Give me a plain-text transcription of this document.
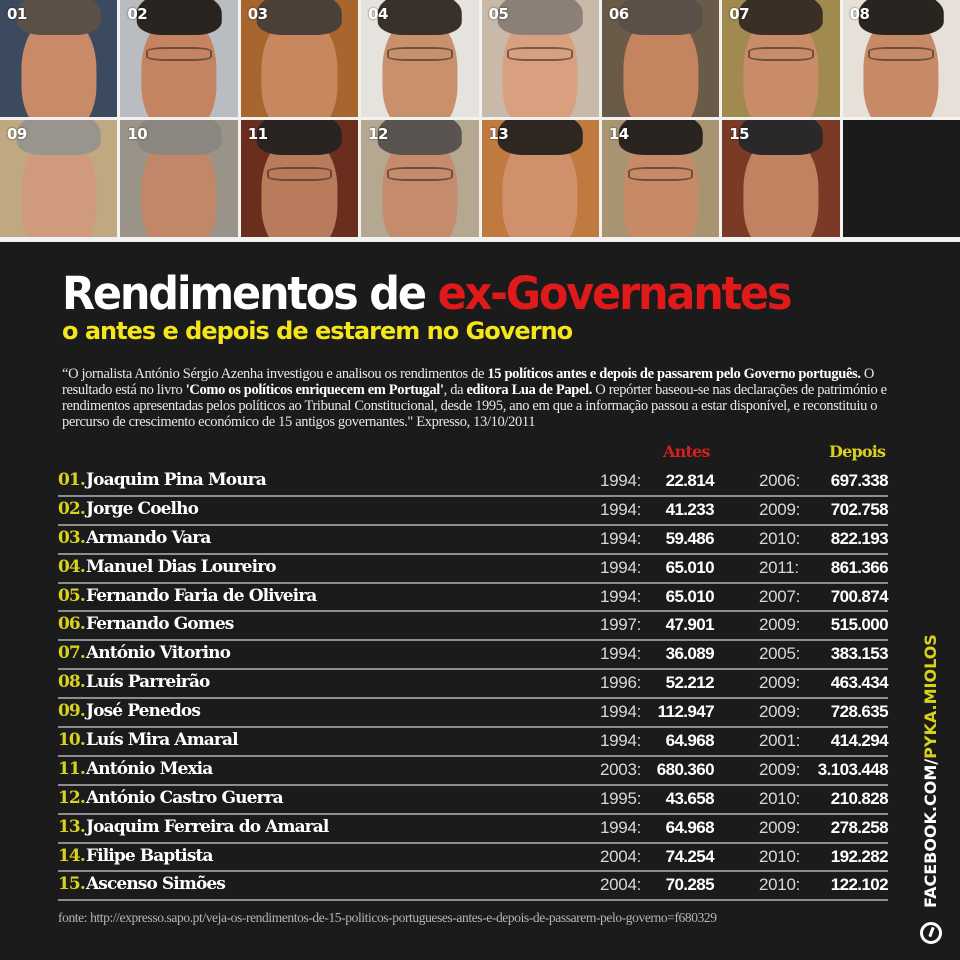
01	02	03	04	05	06	07	08
09	10	11	12	13	14	15
Rendimentos de ex-Governantes
o antes e depois de estarem no Governo
“O jornalista António Sérgio Azenha investigou e analisou os rendimentos de 15 políticos antes e depois de passarem pelo Governo português. O resultado está no livro 'Como os políticos enriquecem em Portugal', da editora Lua de Papel. O repórter baseou-se nas declarações de património e rendimentos apresentadas pelos políticos ao Tribunal Constitucional, desde 1995, ano em que a informação passou a estar disponível, e reconstituiu o percurso de crescimento económico de 15 antigos governantes." Expresso, 13/10/2011
Antes	Depois
01. Joaquim Pina Moura	1994: 22.814	2006: 697.338
02. Jorge Coelho	1994: 41.233	2009: 702.758
03. Armando Vara	1994: 59.486	2010: 822.193
04. Manuel Dias Loureiro	1994: 65.010	2011: 861.366
05. Fernando Faria de Oliveira	1994: 65.010	2007: 700.874
06. Fernando Gomes	1997: 47.901	2009: 515.000
07. António Vitorino	1994: 36.089	2005: 383.153
08. Luís Parreirão	1996: 52.212	2009: 463.434
09. José Penedos	1994: 112.947	2009: 728.635
10. Luís Mira Amaral	1994: 64.968	2001: 414.294
11. António Mexia	2003: 680.360	2009: 3.103.448
12. António Castro Guerra	1995: 43.658	2010: 210.828
13. Joaquim Ferreira do Amaral	1994: 64.968	2009: 278.258
14. Filipe Baptista	2004: 74.254	2010: 192.282
15. Ascenso Simões	2004: 70.285	2010: 122.102
fonte: http://expresso.sapo.pt/veja-os-rendimentos-de-15-politicos-portugueses-antes-e-depois-de-passarem-pelo-governo=f680329
FACEBOOK.COM/PYKA.MIOLOS
